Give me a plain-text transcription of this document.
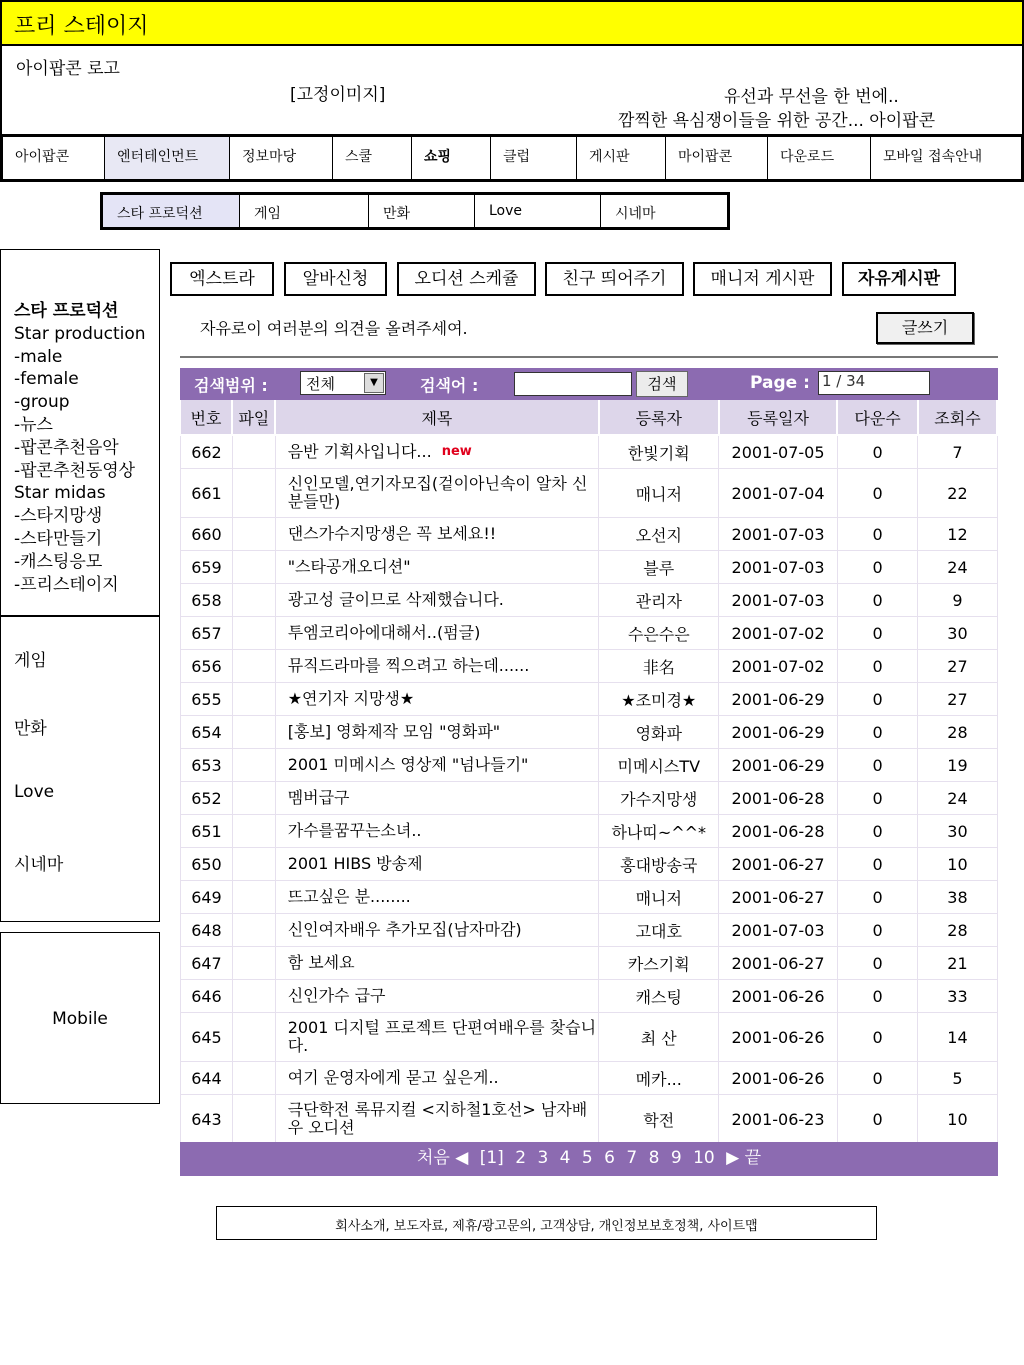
프리 스테이지
아이팝콘 로고
[고정이미지]	유선과 무선을 한 번에..
깜찍한 욕심쟁이들을 위한 공간... 아이팝콘
아이팝콘	엔터테인먼트	정보마당	스쿨	쇼핑	클럽	게시판	마이팝콘	다운로드	모바일 접속안내
스타 프로덕션	게임	만화	Love	시네마
스타 프로덕션
Star production
-male
-female
-group
-뉴스
-팝콘추천음악
-팝콘추천동영상
Star midas
-스타지망생
-스타만들기
-캐스팅응모
-프리스테이지
게임
만화
Love
시네마
Mobile
엑스트라	알바신청	오디션 스케쥴	친구 띄어주기	매니저 게시판	자유게시판
자유로이 여러분의 의견을 올려주세여.	글쓰기
검색범위 :	전체	▼	검색어 :	검색	Page : 1 / 34
번호	파일	제목	등록자	등록일자	다운수	조회수
662		음반 기획사입니다... $^{new}$	한빛기획	2001-07-05	0	7
661		신인모델,연기자모집(겉이아닌속이 알차 신분들만)	매니저	2001-07-04	0	22
660		댄스가수지망생은 꼭 보세요!!	오선지	2001-07-03	0	12
659		"스타공개오디션"	블루	2001-07-03	0	24
658		광고성 글이므로 삭제했습니다.	관리자	2001-07-03	0	9
657		투엠코리아에대해서..(펌글)	수은수은	2001-07-02	0	30
656		뮤직드라마를 찍으려고 하는데......	非名	2001-07-02	0	27
655		★연기자 지망생★	★조미경★	2001-06-29	0	27
654		[홍보] 영화제작 모임 "영화파"	영화파	2001-06-29	0	28
653		2001 미메시스 영상제 "넘나들기"	미메시스TV	2001-06-29	0	19
652		멤버급구	가수지망생	2001-06-28	0	24
651		가수를꿈꾸는소녀..	하나띠~^^*	2001-06-28	0	30
650		2001 HIBS 방송제	홍대방송국	2001-06-27	0	10
649		뜨고싶은 분........	매니저	2001-06-27	0	38
648		신인여자배우 추가모집(남자마감)	고대호	2001-07-03	0	28
647		함 보세요	카스기획	2001-06-27	0	21
646		신인가수 급구	캐스팅	2001-06-26	0	33
645		2001 디지털 프로젝트 단편여배우를 찾습니다.	최 산	2001-06-26	0	14
644		여기 운영자에게 묻고 싶은게..	메카...	2001-06-26	0	5
643		극단학전 록뮤지컬 <지하철1호선> 남자배우 오디션	학전	2001-06-23	0	10
처음 ◀ [1] 2 3 4 5 6 7 8 9 10 ▶ 끝
회사소개, 보도자료, 제휴/광고문의, 고객상담, 개인정보보호정책, 사이트맵
